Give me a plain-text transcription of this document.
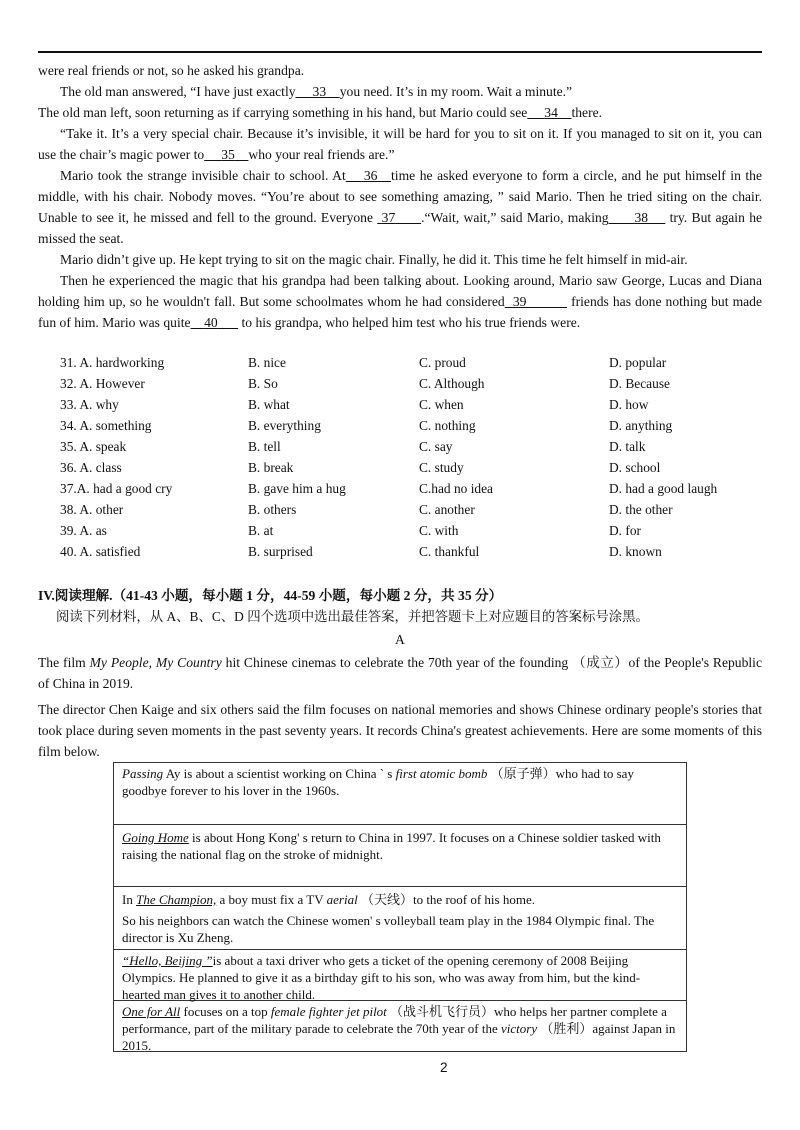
were real friends or not, so he asked his grandpa.
The old man answered, “I have just exactly 33 you need. It’s in my room. Wait a minute.”
The old man left, soon returning as if carrying something in his hand, but Mario could see 34 there.
“Take it. It’s a very special chair. Because it’s invisible, it will be hard for you to sit on it. If you managed to sit on it, you can use the chair’s magic power to 35 who your real friends are.”
Mario took the strange invisible chair to school. At 36 time he asked everyone to form a circle, and he put himself in the middle, with his chair. Nobody moves. “You’re about to see something amazing, ” said Mario. Then he tried siting on the chair. Unable to see it, he missed and fell to the ground. Everyone 37 .“Wait, wait,” said Mario, making 38 try. But again he missed the seat.
Mario didn’t give up. He kept trying to sit on the magic chair. Finally, he did it. This time he felt himself in mid-air.
Then he experienced the magic that his grandpa had been talking about. Looking around, Mario saw George, Lucas and Diana holding him up, so he wouldn't fall. But some schoolmates whom he had considered 39	friends has done nothing but made fun of him. Mario was quite 40 to his grandpa, who helped him test who his true friends were.
31. A. hardworking	B. nice	C. proud	D. popular
32. A. However	B. So	C. Although	D. Because
33. A. why	B. what	C. when	D. how
34. A. something	B. everything	C. nothing	D. anything
35. A. speak	B. tell	C. say	D. talk
36. A. class	B. break	C. study	D. school
37.A. had a good cry	B. gave him a hug	C.had no idea	D. had a good laugh
38. A. other	B. others	C. another	D. the other
39. A. as	B. at	C. with	D. for
40. A. satisfied	B. surprised	C. thankful	D. known
IV.阅读理解.（41-43 小题，每小题 1 分，44-59 小题，每小题 2 分，共 35 分）
阅读下列材料，从 A、B、C、D 四个选项中选出最佳答案，并把答题卡上对应题目的答案标号涂黑。
A
The film My People, My Country hit Chinese cinemas to celebrate the 70th year of the founding （成立）of the People's Republic of China in 2019.
The director Chen Kaige and six others said the film focuses on national memories and shows Chinese ordinary people's stories that took place during seven moments in the past seventy years. It records China's greatest achievements. Here are some moments of this film below.
Passing Ay is about a scientist working on China ` s first atomic bomb （原子弹）who had to say goodbye forever to his lover in the 1960s.
Going Home is about Hong Kong' s return to China in 1997. It focuses on a Chinese soldier tasked with raising the national flag on the stroke of midnight.
In The Champion, a boy must fix a TV aerial （天线）to the roof of his home.
So his neighbors can watch the Chinese women' s volleyball team play in the 1984 Olympic final. The director is Xu Zheng.
“Hello, Beijing ”is about a taxi driver who gets a ticket of the opening ceremony of 2008 Beijing Olympics. He planned to give it as a birthday gift to his son, who was away from him, but the kind-hearted man gives it to another child.
One for All focuses on a top female fighter jet pilot （战斗机飞行员）who helps her partner complete a performance, part of the military parade to celebrate the 70th year of the victory （胜利）against Japan in 2015.
2
